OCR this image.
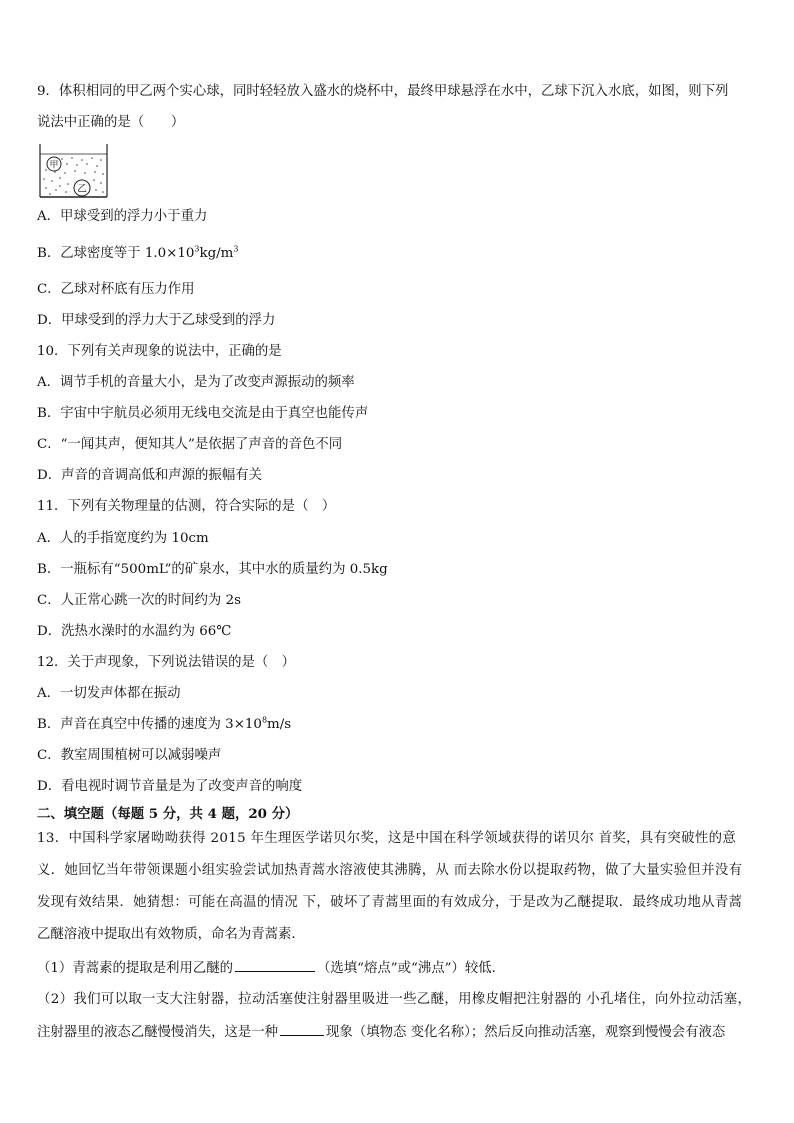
9．体积相同的甲乙两个实心球，同时轻轻放入盛水的烧杯中，最终甲球悬浮在水中，乙球下沉入水底，如图，则下列

说法中正确的是（　　）

甲
乙

A．甲球受到的浮力小于重力

B．乙球密度等于 $1.0\times 10^3kg/m^3$

C．乙球对杯底有压力作用

D．甲球受到的浮力大于乙球受到的浮力

10．下列有关声现象的说法中，正确的是

A．调节手机的音量大小，是为了改变声源振动的频率

B．宇宙中宇航员必须用无线电交流是由于真空也能传声

C．“一闻其声，便知其人”是依据了声音的音色不同

D．声音的音调高低和声源的振幅有关

11．下列有关物理量的估测，符合实际的是（　）

A．人的手指宽度约为 10cm

B．一瓶标有“500mL”的矿泉水，其中水的质量约为 0.5kg

C．人正常心跳一次的时间约为 2s

D．洗热水澡时的水温约为 66℃

12．关于声现象，下列说法错误的是（　）

A．一切发声体都在振动

B．声音在真空中传播的速度为 $3\times 10^8m/s$

C．教室周围植树可以减弱噪声

D．看电视时调节音量是为了改变声音的响度

二、填空题（每题 5 分，共 4 题，20 分）

13．中国科学家屠呦呦获得 2015 年生理医学诺贝尔奖，这是中国在科学领域获得的诺贝尔 首奖，具有突破性的意

义．她回忆当年带领课题小组实验尝试加热青蒿水溶液使其沸腾，从 而去除水份以提取药物，做了大量实验但并没有

发现有效结果．她猜想：可能在高温的情况 下，破坏了青蒿里面的有效成分，于是改为乙醚提取．最终成功地从青蒿

乙醚溶液中提取出有效物质，命名为青蒿素．

（1）青蒿素的提取是利用乙醚的	（选填“熔点”或“沸点”）较低．

（2）我们可以取一支大注射器，拉动活塞使注射器里吸进一些乙醚，用橡皮帽把注射器的 小孔堵住，向外拉动活塞，

注射器里的液态乙醚慢慢消失，这是一种	现象（填物态 变化名称）；然后反向推动活塞，观察到慢慢会有液态
